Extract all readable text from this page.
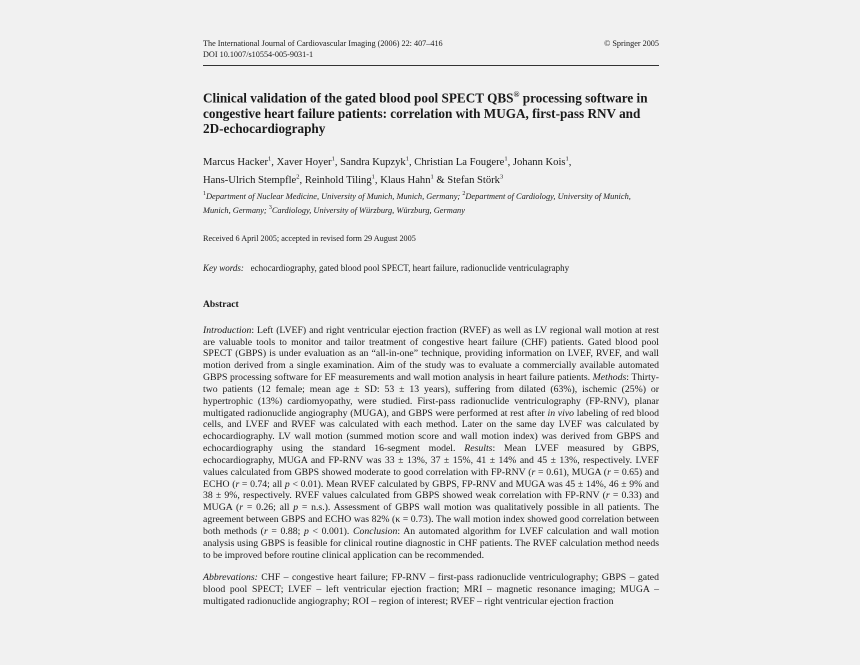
The International Journal of Cardiovascular Imaging (2006) 22: 407–416
DOI 10.1007/s10554-005-9031-1
© Springer 2005
Clinical validation of the gated blood pool SPECT QBS® processing software in congestive heart failure patients: correlation with MUGA, first-pass RNV and 2D-echocardiography
Marcus Hacker$^1$, Xaver Hoyer$^1$, Sandra Kupzyk$^1$, Christian La Fougere$^1$, Johann Kois$^1$,
Hans-Ulrich Stempfle$^2$, Reinhold Tiling$^1$, Klaus Hahn$^1$ & Stefan Störk$^3$
$^1$Department of Nuclear Medicine, University of Munich, Munich, Germany; $^2$Department of Cardiology, University of Munich, Munich, Germany; $^3$Cardiology, University of Würzburg, Würzburg, Germany
Received 6 April 2005; accepted in revised form 29 August 2005
Key words: echocardiography, gated blood pool SPECT, heart failure, radionuclide ventriculagraphy
Abstract
Introduction: Left (LVEF) and right ventricular ejection fraction (RVEF) as well as LV regional wall motion at rest are valuable tools to monitor and tailor treatment of congestive heart failure (CHF) patients. Gated blood pool SPECT (GBPS) is under evaluation as an “all-in-one” technique, providing information on LVEF, RVEF, and wall motion derived from a single examination. Aim of the study was to evaluate a commercially available automated GBPS processing software for EF measurements and wall motion analysis in heart failure patients. Methods: Thirty-two patients (12 female; mean age ± SD: 53 ± 13 years), suffering from dilated (63%), ischemic (25%) or hypertrophic (13%) cardiomyopathy, were studied. First-pass radionuclide ventriculography (FP-RNV), planar multigated radionuclide angiography (MUGA), and GBPS were performed at rest after in vivo labeling of red blood cells, and LVEF and RVEF was calculated with each method. Later on the same day LVEF was calculated by echocardiography. LV wall motion (summed motion score and wall motion index) was derived from GBPS and echocardiography using the standard 16-segment model. Results: Mean LVEF measured by GBPS, echocardiography, MUGA and FP-RNV was 33 ± 13%, 37 ± 15%, 41 ± 14% and 45 ± 13%, respectively. LVEF values calculated from GBPS showed moderate to good correlation with FP-RNV (r = 0.61), MUGA (r = 0.65) and ECHO (r = 0.74; all p < 0.01). Mean RVEF calculated by GBPS, FP-RNV and MUGA was 45 ± 14%, 46 ± 9% and 38 ± 9%, respectively. RVEF values calculated from GBPS showed weak correlation with FP-RNV (r = 0.33) and MUGA (r = 0.26; all p = n.s.). Assessment of GBPS wall motion was qualitatively possible in all patients. The agreement between GBPS and ECHO was 82% (κ = 0.73). The wall motion index showed good correlation between both methods (r = 0.88; p < 0.001). Conclusion: An automated algorithm for LVEF calculation and wall motion analysis using GBPS is feasible for clinical routine diagnostic in CHF patients. The RVEF calculation method needs to be improved before routine clinical application can be recommended.
Abbrevations: CHF – congestive heart failure; FP-RNV – first-pass radionuclide ventriculography; GBPS – gated blood pool SPECT; LVEF – left ventricular ejection fraction; MRI – magnetic resonance imaging; MUGA – multigated radionuclide angiography; ROI – region of interest; RVEF – right ventricular ejection fraction
